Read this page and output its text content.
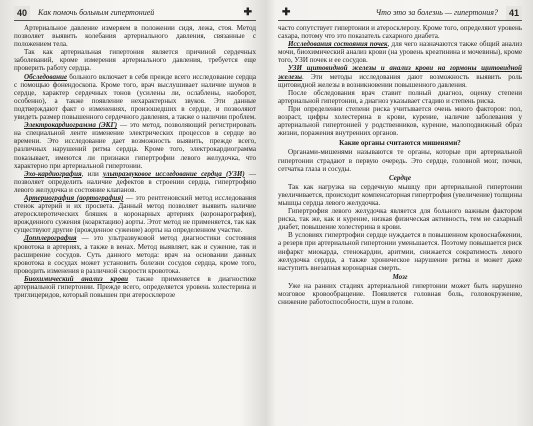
40	Как помочь больным гипертонией	✚

Артериальное давление измеряем в положении сидя, лежа, стоя. Метод позволяет выявить колебания артериального давления, связанные с положением тела.

Так как артериальная гипертония является причиной сердечных заболеваний, кроме измерения артериального давления, требуется еще проверить работу сердца.

Обследование больного включает в себя прежде всего исследование сердца с помощью фонендоскопа. Кроме того, врач выслушивает наличие шумов в сердце, характер сердечных тонов (усилены ли, ослаблены, наоборот, особенно), а также появление нехарактерных звуков. Эти данные подтверждают факт о изменениях, произошедших в сердце, и позволяют увидеть размер повышенного сердечного давления, а также о наличии проблем.

Электрокардиограмма (ЭКГ) — это метод, позволяющий регистрировать на специальной ленте изменение электрических процессов в сердце во времени. Это исследование дает возможность выявить, прежде всего, различных нарушений ритма сердца. Кроме того, электрокардиограмма показывает, имеются ли признаки гипертрофии левого желудочка, что характерно при артериальной гипертонии.

Эхо-кардиография, или ультразвуковое исследование сердца (УЗИ) — позволяет определить наличие дефектов в строении сердца, гипертрофию левого желудочка и состояние клапанов.

Артериография (аортография) — это рентгеновский метод исследования стенок артерий и их просвета. Данный метод позволяет выявить наличие атеросклеротических бляшек в коронарных артериях (коронарография), врожденного сужения (коарктацию) аорты. Этот метод не применяется, так как существуют другие (врожденное сужение) аорты на определенном участке.

Допплерография — это ультразвуковой метод диагностики состояния кровотока в артериях, а также в венах. Метод выявляет, как и сужение, так и расширение сосудов. Суть данного метода: врач на основании данных кровотока в сосудах может установить болезни сосудов сердца, кроме того, проводить изменения в различной скорости кровотока.

Биохимический анализ крови также применяется в диагностике артериальной гипертонии. Прежде всего, определяется уровень холестерина и триглицеридов, который повышен при атеросклерозе

✚	Что это за болезнь — гипертония?	41

часто сопутствует гипертонии и атеросклерозу. Кроме того, определяют уровень сахара, потому что это показатель сахарного диабета.

Исследования состояния почек, для чего назначаются также общий анализ мочи, биохимический анализ крови (на уровень креатинина и мочевины), кроме того, УЗИ почек и ее сосудов.

УЗИ щитовидной железы и анализ крови на гормоны щитовидной железы. Эти методы исследования дают возможность выявить роль щитовидной железы в возникновении повышенного давления.

После обследования врач ставит полный диагноз, оценку степени артериальной гипертонии, а диагноз указывает стадию и степень риска.

При определении степени риска учитывается очень много факторов: пол, возраст, цифры холестерина в крови, курение, наличие заболевания у артериальной гипертонией у родственников, курение, малоподвижный образ жизни, поражения внутренних органов.

Какие органы считаются мишенями?

Органами-мишенями называются те органы, которые при артериальной гипертонии страдают в первую очередь. Это сердце, головной мозг, почки, сетчатка глаза и сосуды.

Сердце

Так как нагрузка на сердечную мышцу при артериальной гипертонии увеличивается, происходит компенсаторная гипертрофия (увеличение) толщины мышцы сердца левого желудочка.

Гипертрофия левого желудочка является для больного важным фактором риска, так же, как и курение, низкая физическая активность, тем не сахарный диабет, повышение холестерина в крови.

В условиях гипертрофии сердце нуждается в повышенном кровоснабжении, а резерв при артериальной гипертонии уменьшается. Поэтому повышается риск инфаркт миокарда, стенокардии, аритмии, снижается сократимость левого желудочка сердца, а также хроническое нарушение ритма и может даже наступить внезапная коронарная смерть.

Мозг

Уже на ранних стадиях артериальной гипертонии может быть нарушено мозговое кровообращение. Появляется головная боль, головокружение, снижение работоспособности, шум в голове.
